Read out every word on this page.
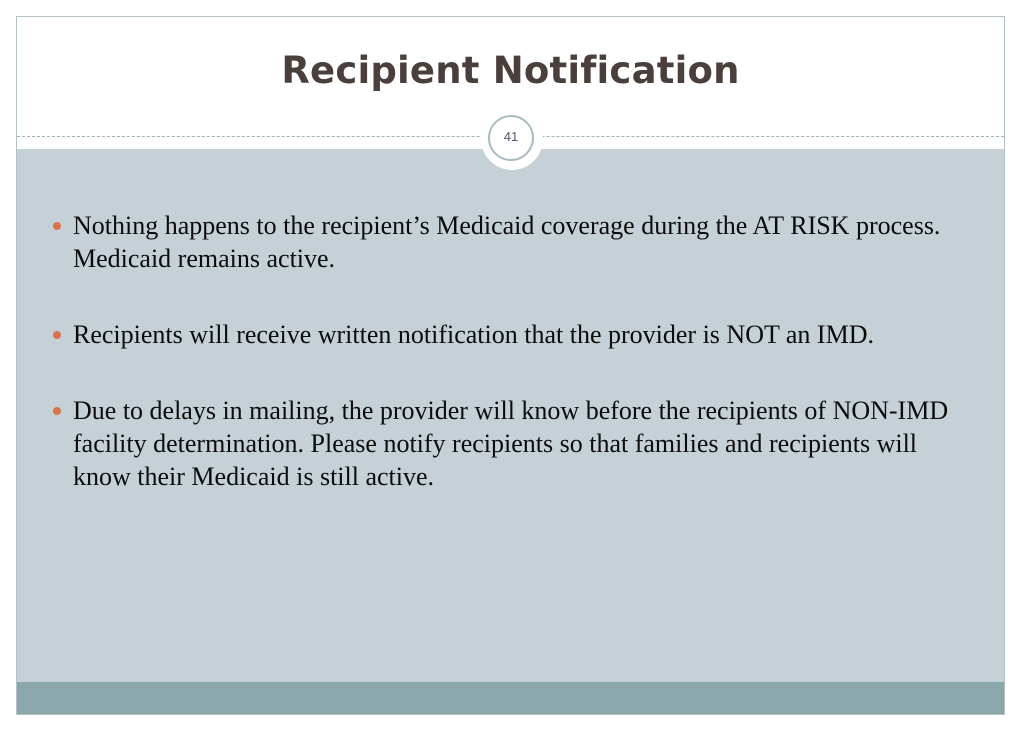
Recipient Notification
41
Nothing happens to the recipient’s Medicaid coverage during the AT RISK process. Medicaid remains active.
Recipients will receive written notification that the provider is NOT an IMD.
Due to delays in mailing, the provider will know before the recipients of NON-IMD facility determination. Please notify recipients so that families and recipients will know their Medicaid is still active.
